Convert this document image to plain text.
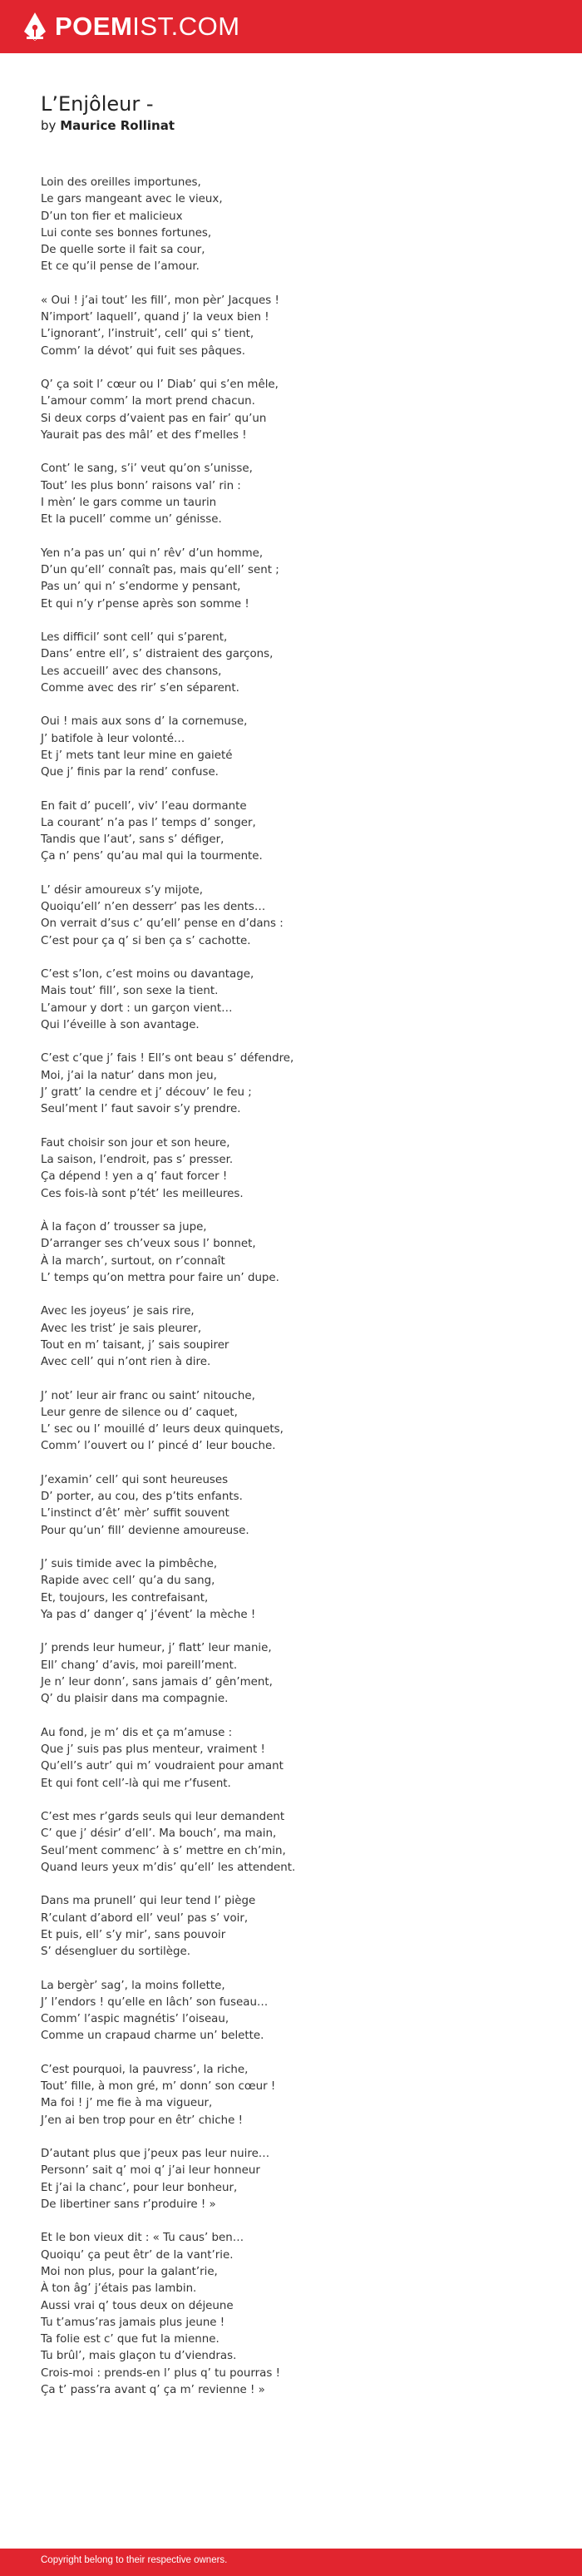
POEMIST.COM
L’Enjôleur -
by Maurice Rollinat
Loin des oreilles importunes,
Le gars mangeant avec le vieux,
D’un ton fier et malicieux
Lui conte ses bonnes fortunes,
De quelle sorte il fait sa cour,
Et ce qu’il pense de l’amour.
« Oui ! j’ai tout’ les fill’, mon pèr’ Jacques !
N’import’ laquell’, quand j’ la veux bien !
L’ignorant’, l’instruit’, cell’ qui s’ tient,
Comm’ la dévot’ qui fuit ses pâques.
Q’ ça soit l’ cœur ou l’ Diab’ qui s’en mêle,
L’amour comm’ la mort prend chacun.
Si deux corps d’vaient pas en fair’ qu’un
Yaurait pas des mâl’ et des f’melles !
Cont’ le sang, s’i’ veut qu’on s’unisse,
Tout’ les plus bonn’ raisons val’ rin :
I mèn’ le gars comme un taurin
Et la pucell’ comme un’ génisse.
Yen n’a pas un’ qui n’ rêv’ d’un homme,
D’un qu’ell’ connaît pas, mais qu’ell’ sent ;
Pas un’ qui n’ s’endorme y pensant,
Et qui n’y r’pense après son somme !
Les difficil’ sont cell’ qui s’parent,
Dans’ entre ell’, s’ distraient des garçons,
Les accueill’ avec des chansons,
Comme avec des rir’ s’en séparent.
Oui ! mais aux sons d’ la cornemuse,
J’ batifole à leur volonté…
Et j’ mets tant leur mine en gaieté
Que j’ finis par la rend’ confuse.
En fait d’ pucell’, viv’ l’eau dormante
La courant’ n’a pas l’ temps d’ songer,
Tandis que l’aut’, sans s’ défiger,
Ça n’ pens’ qu’au mal qui la tourmente.
L’ désir amoureux s’y mijote,
Quoiqu’ell’ n’en desserr’ pas les dents…
On verrait d’sus c’ qu’ell’ pense en d’dans :
C’est pour ça q’ si ben ça s’ cachotte.
C’est s’lon, c’est moins ou davantage,
Mais tout’ fill’, son sexe la tient.
L’amour y dort : un garçon vient…
Qui l’éveille à son avantage.
C’est c’que j’ fais ! Ell’s ont beau s’ défendre,
Moi, j’ai la natur’ dans mon jeu,
J’ gratt’ la cendre et j’ découv’ le feu ;
Seul’ment l’ faut savoir s’y prendre.
Faut choisir son jour et son heure,
La saison, l’endroit, pas s’ presser.
Ça dépend ! yen a q’ faut forcer !
Ces fois-là sont p’tét’ les meilleures.
À la façon d’ trousser sa jupe,
D’arranger ses ch’veux sous l’ bonnet,
À la march’, surtout, on r’connaît
L’ temps qu’on mettra pour faire un’ dupe.
Avec les joyeus’ je sais rire,
Avec les trist’ je sais pleurer,
Tout en m’ taisant, j’ sais soupirer
Avec cell’ qui n’ont rien à dire.
J’ not’ leur air franc ou saint’ nitouche,
Leur genre de silence ou d’ caquet,
L’ sec ou l’ mouillé d’ leurs deux quinquets,
Comm’ l’ouvert ou l’ pincé d’ leur bouche.
J’examin’ cell’ qui sont heureuses
D’ porter, au cou, des p’tits enfants.
L’instinct d’êt’ mèr’ suffit souvent
Pour qu’un’ fill’ devienne amoureuse.
J’ suis timide avec la pimbêche,
Rapide avec cell’ qu’a du sang,
Et, toujours, les contrefaisant,
Ya pas d’ danger q’ j’évent’ la mèche !
J’ prends leur humeur, j’ flatt’ leur manie,
Ell’ chang’ d’avis, moi pareill’ment.
Je n’ leur donn’, sans jamais d’ gên’ment,
Q’ du plaisir dans ma compagnie.
Au fond, je m’ dis et ça m’amuse :
Que j’ suis pas plus menteur, vraiment !
Qu’ell’s autr’ qui m’ voudraient pour amant
Et qui font cell’-là qui me r’fusent.
C’est mes r’gards seuls qui leur demandent
C’ que j’ désir’ d’ell’. Ma bouch’, ma main,
Seul’ment commenc’ à s’ mettre en ch’min,
Quand leurs yeux m’dis’ qu’ell’ les attendent.
Dans ma prunell’ qui leur tend l’ piège
R’culant d’abord ell’ veul’ pas s’ voir,
Et puis, ell’ s’y mir’, sans pouvoir
S’ désengluer du sortilège.
La bergèr’ sag’, la moins follette,
J’ l’endors ! qu’elle en lâch’ son fuseau…
Comm’ l’aspic magnétis’ l’oiseau,
Comme un crapaud charme un’ belette.
C’est pourquoi, la pauvress’, la riche,
Tout’ fille, à mon gré, m’ donn’ son cœur !
Ma foi ! j’ me fie à ma vigueur,
J’en ai ben trop pour en êtr’ chiche !
D’autant plus que j’peux pas leur nuire…
Personn’ sait q’ moi q’ j’ai leur honneur
Et j’ai la chanc’, pour leur bonheur,
De libertiner sans r’produire ! »
Et le bon vieux dit : « Tu caus’ ben…
Quoiqu’ ça peut êtr’ de la vant’rie.
Moi non plus, pour la galant’rie,
À ton âg’ j’étais pas lambin.
Aussi vrai q’ tous deux on déjeune
Tu t’amus’ras jamais plus jeune !
Ta folie est c’ que fut la mienne.
Tu brûl’, mais glaçon tu d’viendras.
Crois-moi : prends-en l’ plus q’ tu pourras !
Ça t’ pass’ra avant q’ ça m’ revienne ! »
Copyright belong to their respective owners.
